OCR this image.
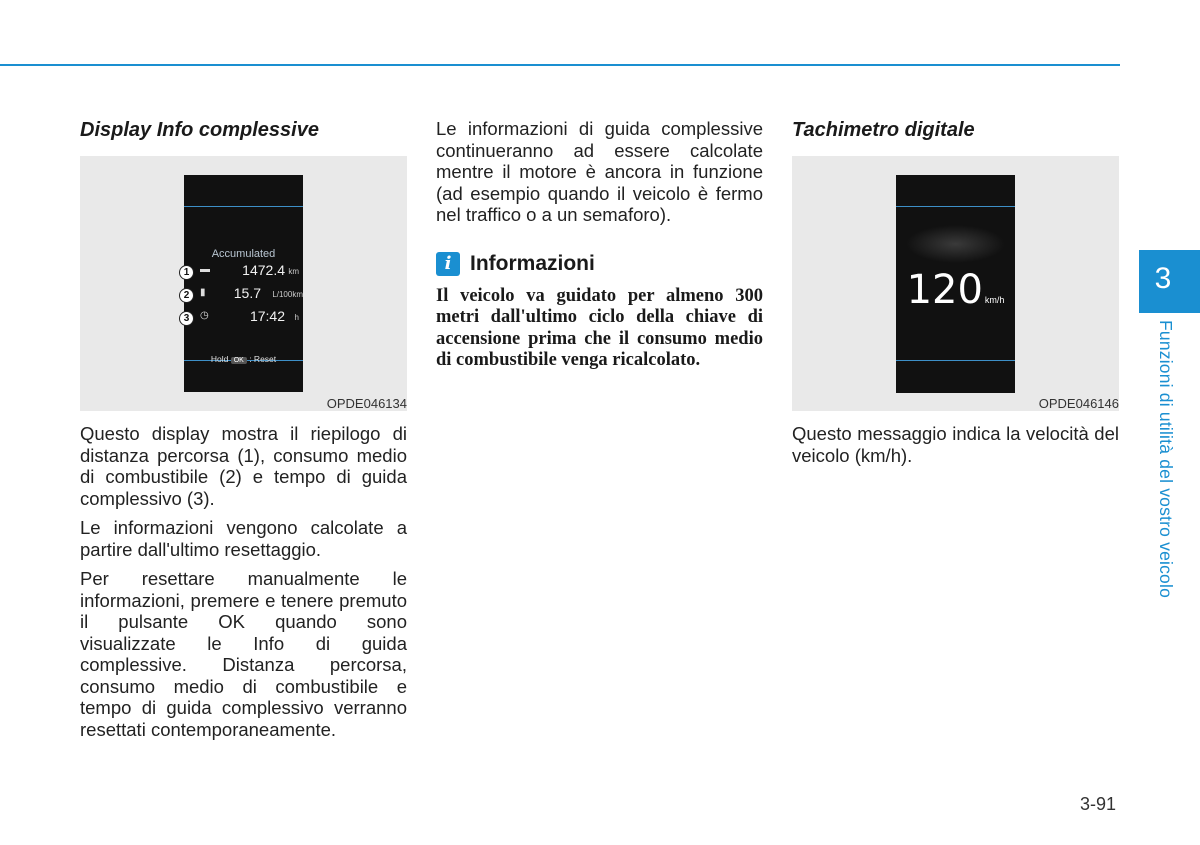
Display Info complessive
Accumulated
▬ 1472.4 km
▮ 15.7 L/100km
◷	17:42 h
Hold OK : Reset
1
2
3
OPDE046134

Questo display mostra il riepilogo di distanza percorsa (1), consumo medio di combustibile (2) e tempo di guida complessivo (3).

Le informazioni vengono calcolate a partire dall'ultimo resettaggio.

Per resettare manualmente le informazioni, premere e tenere premuto il pulsante OK quando sono visualizzate le Info di guida complessive. Distanza percorsa, consumo medio di combustibile e tempo di guida complessivo verranno resettati contemporaneamente.

Le informazioni di guida complessive continueranno ad essere calcolate mentre il motore è ancora in funzione (ad esempio quando il veicolo è fermo nel traffico o a un semaforo).

i Informazioni

Il veicolo va guidato per almeno 300 metri dall'ultimo ciclo della chiave di accensione prima che il consumo medio di combustibile venga ricalcolato.

Tachimetro digitale
120 km/h
OPDE046146

Questo messaggio indica la velocità del veicolo (km/h).

3
Funzioni di utilità del vostro veicolo
3-91
